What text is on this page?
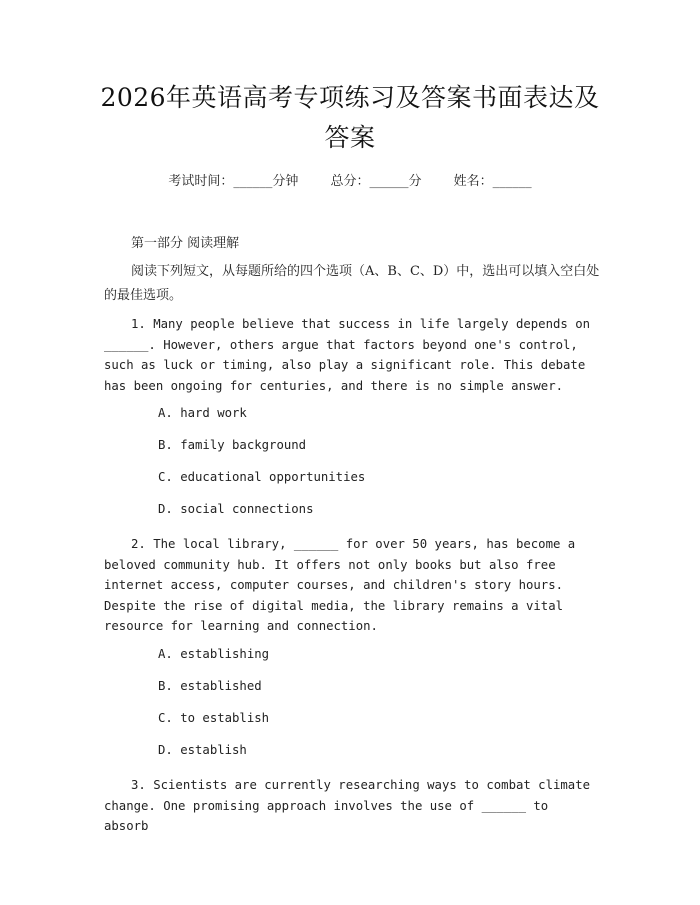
2026年英语高考专项练习及答案书面表达及答案
考试时间：______分钟 总分：______分 姓名：______
第一部分 阅读理解
阅读下列短文，从每题所给的四个选项（A、B、C、D）中，选出可以填入空白处的最佳选项。
1. Many people believe that success in life largely depends on ______. However, others argue that factors beyond one's control, such as luck or timing, also play a significant role. This debate has been ongoing for centuries, and there is no simple answer.
A. hard work
B. family background
C. educational opportunities
D. social connections
2. The local library, ______ for over 50 years, has become a beloved community hub. It offers not only books but also free internet access, computer courses, and children's story hours. Despite the rise of digital media, the library remains a vital resource for learning and connection.
A. establishing
B. established
C. to establish
D. establish
3. Scientists are currently researching ways to combat climate change. One promising approach involves the use of ______ to absorb
